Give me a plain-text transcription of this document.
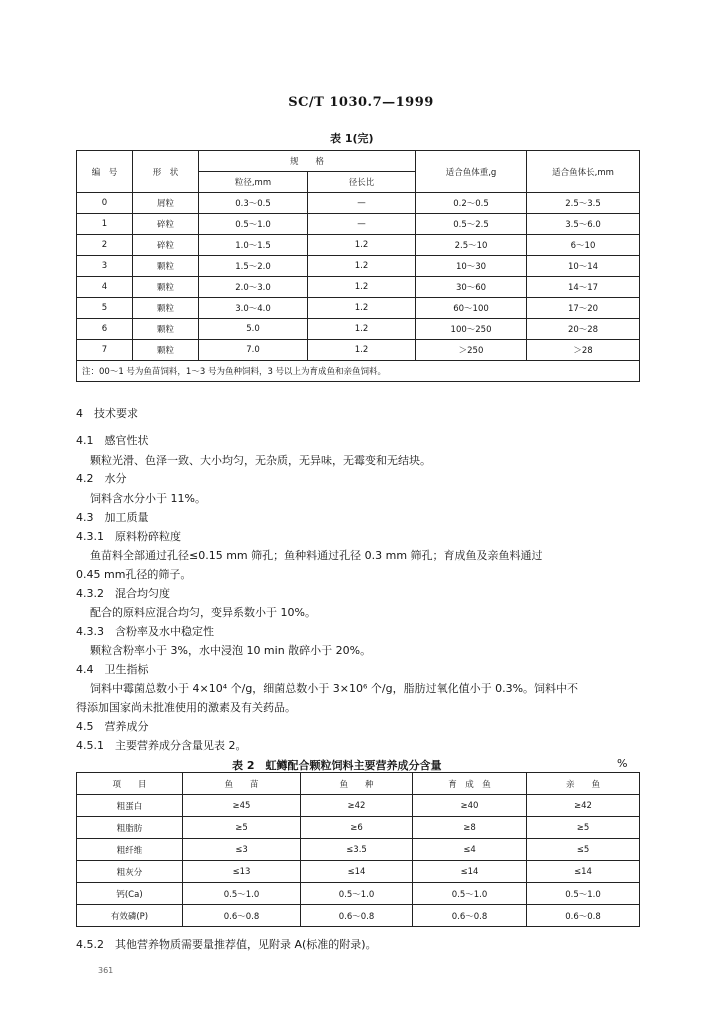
SC/T 1030.7—1999
表 1(完)
编　号	形　状	规　　格		适合鱼体重,g	适合鱼体长,mm
		粒径,mm	径长比		
0	屑粒	0.3～0.5	—	0.2～0.5	2.5～3.5
1	碎粒	0.5～1.0	—	0.5～2.5	3.5～6.0
2	碎粒	1.0～1.5	1.2	2.5～10	6～10
3	颗粒	1.5～2.0	1.2	10～30	10～14
4	颗粒	2.0～3.0	1.2	30～60	14～17
5	颗粒	3.0～4.0	1.2	60～100	17～20
6	颗粒	5.0	1.2	100～250	20～28
7	颗粒	7.0	1.2	＞250	＞28
注：00～1 号为鱼苗饲料，1～3 号为鱼种饲料，3 号以上为育成鱼和亲鱼饲料。					
4　技术要求
4.1　感官性状
颗粒光滑、色泽一致、大小均匀，无杂质，无异味，无霉变和无结块。
4.2　水分
饲料含水分小于 11%。
4.3　加工质量
4.3.1　原料粉碎粒度
鱼苗料全部通过孔径≤0.15 mm 筛孔；鱼种料通过孔径 0.3 mm 筛孔；育成鱼及亲鱼料通过
0.45 mm孔径的筛子。
4.3.2　混合均匀度
配合的原料应混合均匀，变异系数小于 10%。
4.3.3　含粉率及水中稳定性
颗粒含粉率小于 3%，水中浸泡 10 min 散碎小于 20%。
4.4　卫生指标
饲料中霉菌总数小于 4×10⁴ 个/g，细菌总数小于 3×10⁶ 个/g，脂肪过氧化值小于 0.3%。饲料中不
得添加国家尚未批准使用的激素及有关药品。
4.5　营养成分
4.5.1　主要营养成分含量见表 2。
表 2　虹鳟配合颗粒饲料主要营养成分含量	%
项　　目	鱼　　苗	鱼　　种	育　成　鱼	亲　　鱼
粗蛋白	≥45	≥42	≥40	≥42
粗脂肪	≥5	≥6	≥8	≥5
粗纤维	≤3	≤3.5	≤4	≤5
粗灰分	≤13	≤14	≤14	≤14
钙(Ca)	0.5～1.0	0.5～1.0	0.5～1.0	0.5～1.0
有效磷(P)	0.6～0.8	0.6～0.8	0.6～0.8	0.6～0.8
4.5.2　其他营养物质需要量推荐值，见附录 A(标准的附录)。
361
